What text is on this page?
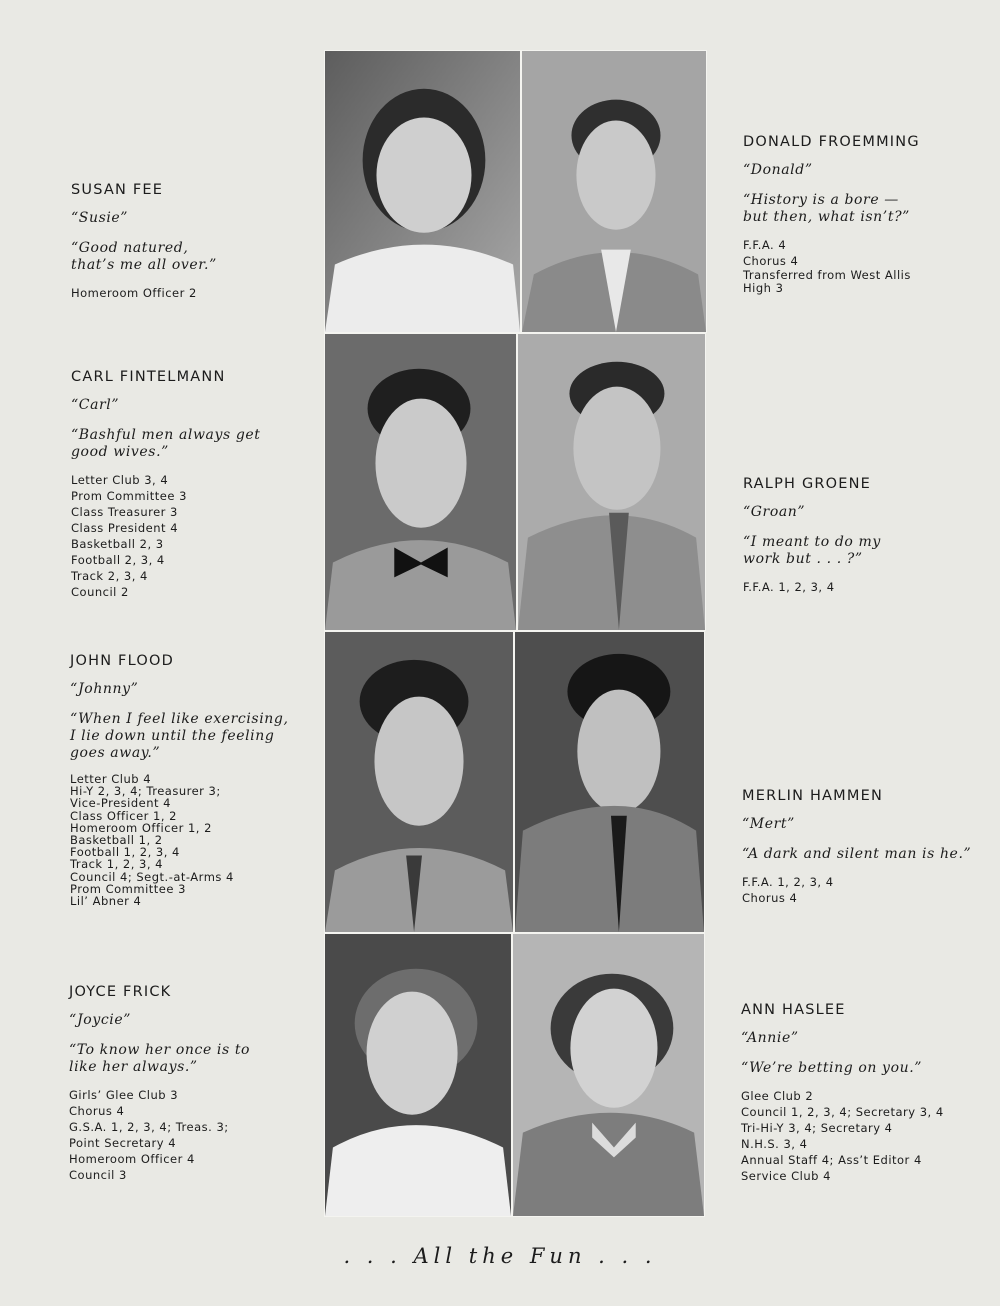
SUSAN FEE
“Susie”
“Good natured,
that’s me all over.”
Homeroom Officer 2
CARL FINTELMANN
“Carl”
“Bashful men always get
good wives.”
Letter Club 3, 4
Prom Committee 3
Class Treasurer 3
Class President 4
Basketball 2, 3
Football 2, 3, 4
Track 2, 3, 4
Council 2
JOHN FLOOD
“Johnny”
“When I feel like exercising,
I lie down until the feeling
goes away.”
Letter Club 4
Hi-Y 2, 3, 4; Treasurer 3;
Vice-President 4
Class Officer 1, 2
Homeroom Officer 1, 2
Basketball 1, 2
Football 1, 2, 3, 4
Track 1, 2, 3, 4
Council 4; Segt.-at-Arms 4
Prom Committee 3
Lil’ Abner 4
JOYCE FRICK
“Joycie”
“To know her once is to
like her always.”
Girls’ Glee Club 3
Chorus 4
G.S.A. 1, 2, 3, 4; Treas. 3;
Point Secretary 4
Homeroom Officer 4
Council 3
DONALD FROEMMING
“Donald”
“History is a bore —
but then, what isn’t?”
F.F.A. 4
Chorus 4
Transferred from West Allis
High 3
RALPH GROENE
“Groan”
“I meant to do my
work but . . . ?”
F.F.A. 1, 2, 3, 4
MERLIN HAMMEN
“Mert”
“A dark and silent man is he.”
F.F.A. 1, 2, 3, 4
Chorus 4
ANN HASLEE
“Annie”
“We’re betting on you.”
Glee Club 2
Council 1, 2, 3, 4; Secretary 3, 4
Tri-Hi-Y 3, 4; Secretary 4
N.H.S. 3, 4
Annual Staff 4; Ass’t Editor 4
Service Club 4
. . . All the Fun . . .
